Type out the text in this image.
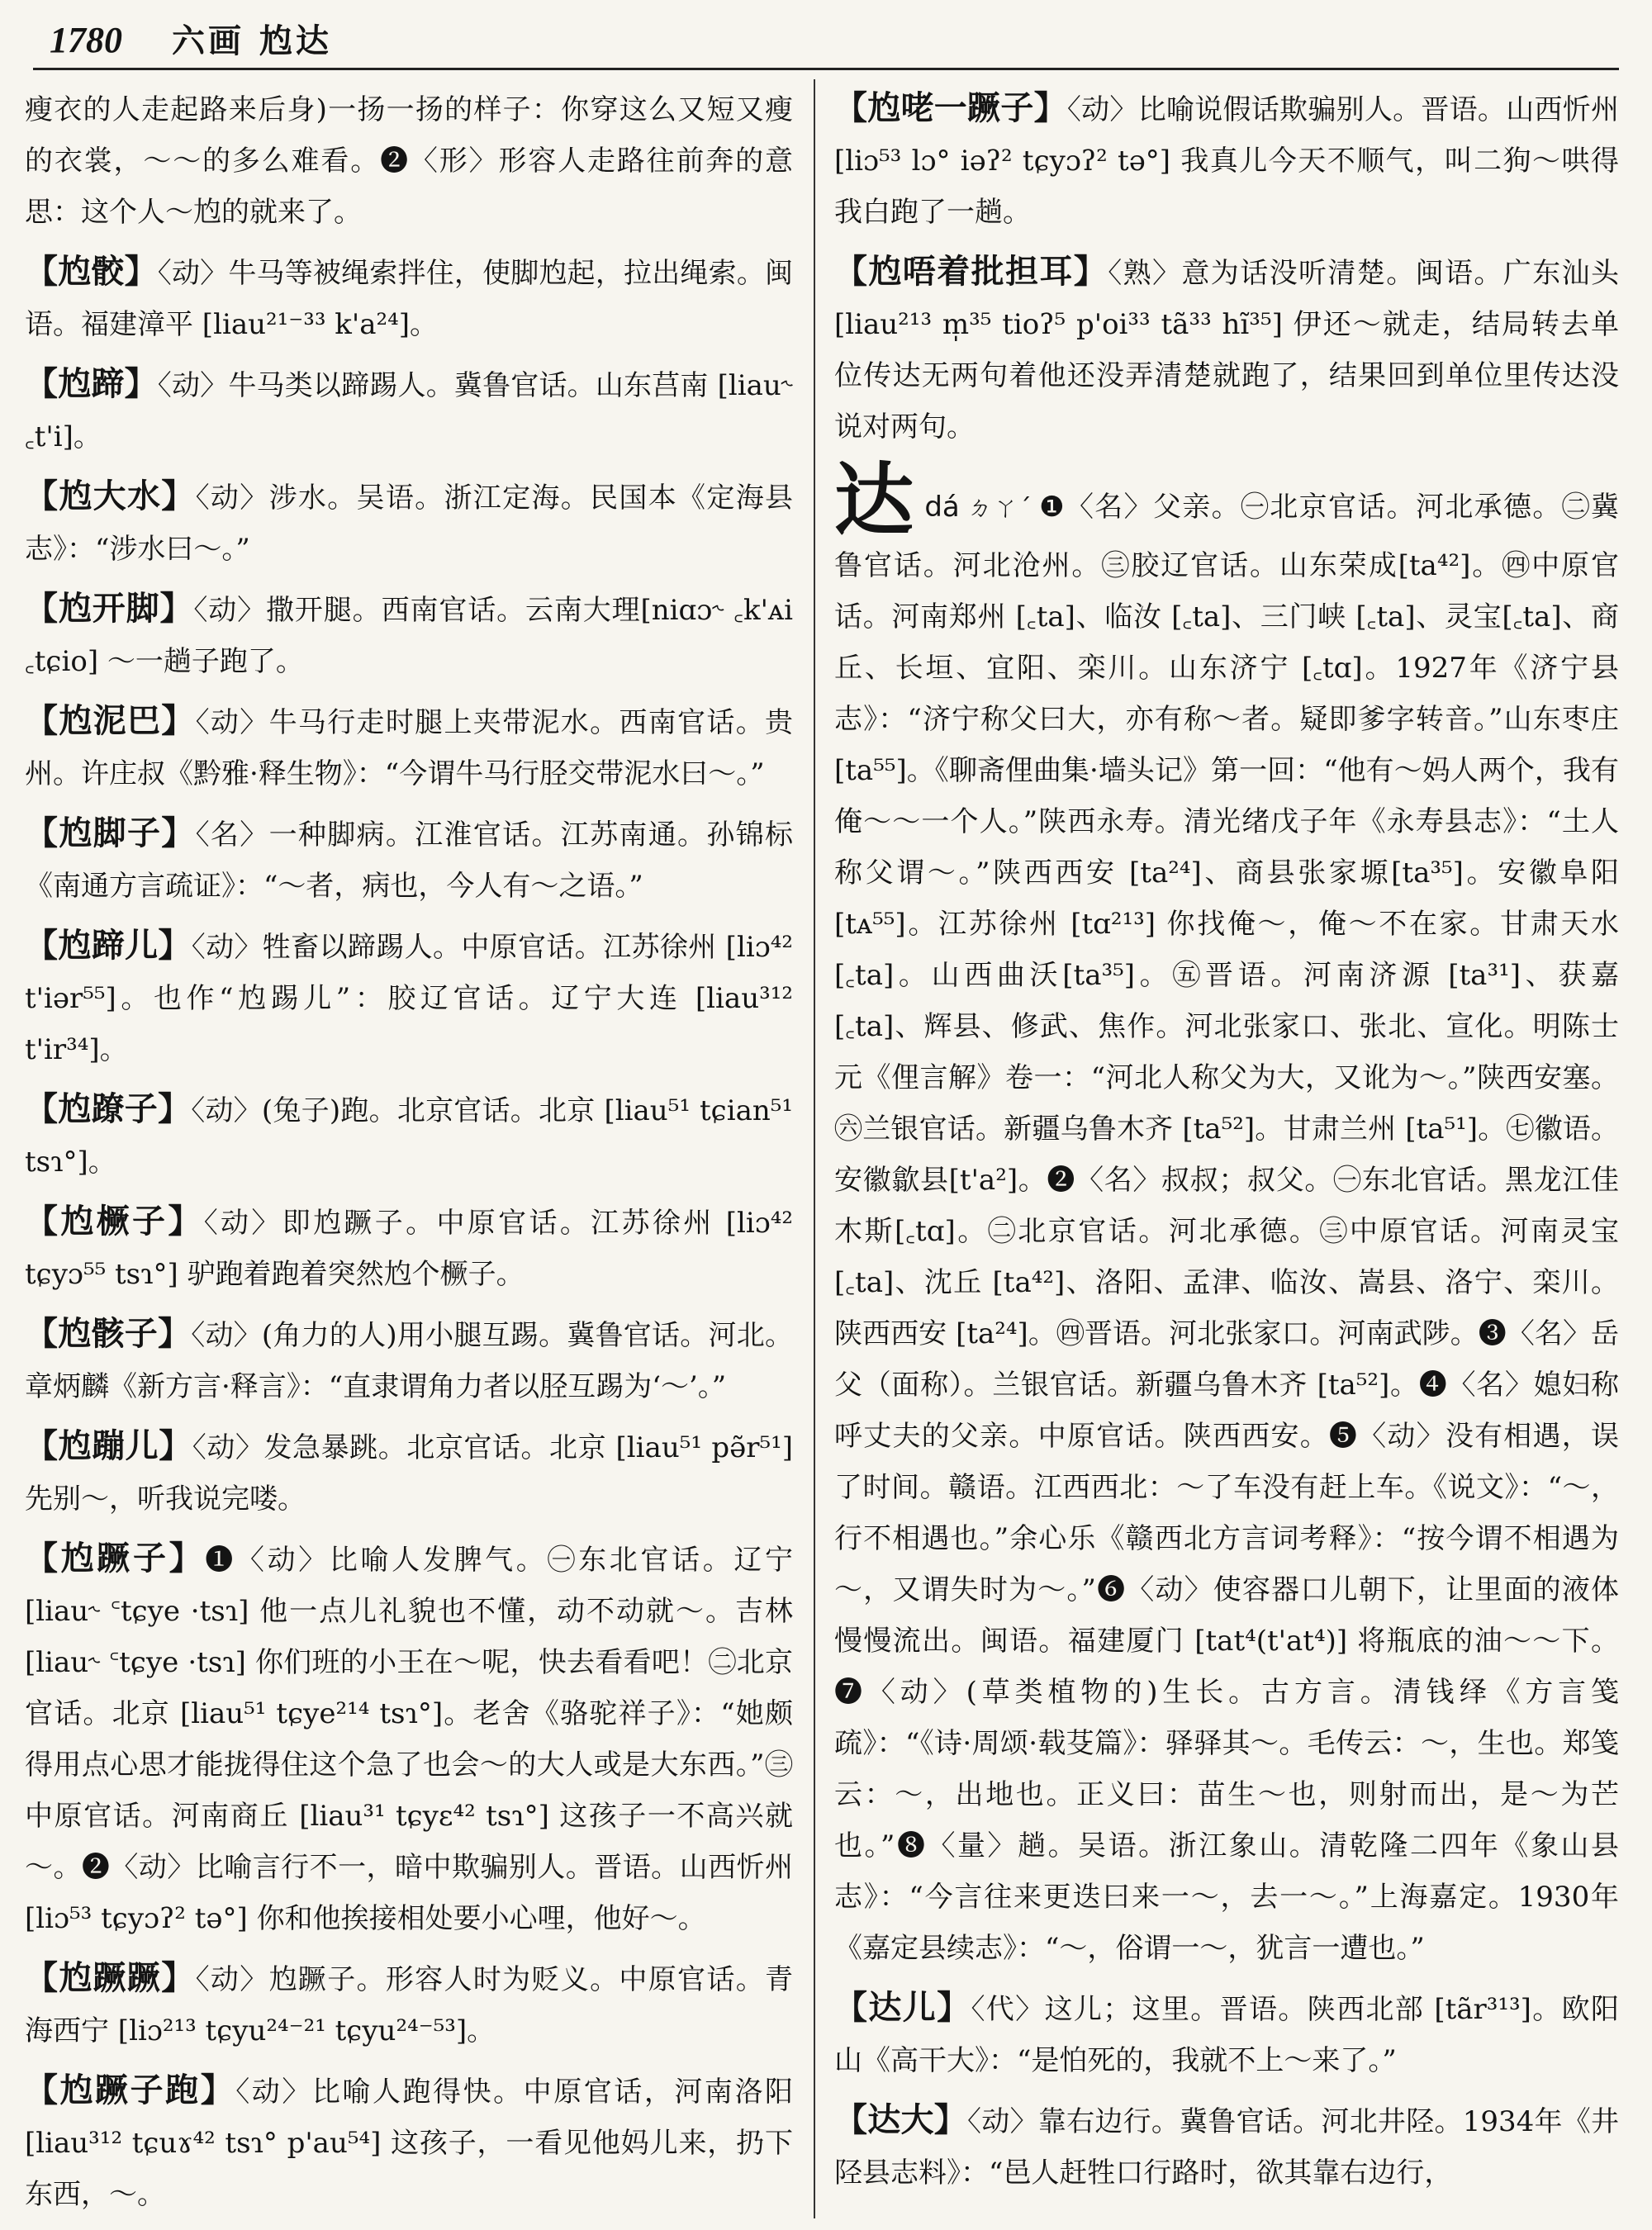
1780 六画 尥达

瘦衣的人走起路来后身)一扬一扬的样子：你穿这么又短又瘦的衣裳，～～的多么难看。❷〈形〉形容人走路往前奔的意思：这个人～尥的就来了。

【尥骹】〈动〉牛马等被绳索拌住，使脚尥起，拉出绳索。闽语。福建漳平 [liau²¹⁻³³ k'a²⁴]。

【尥蹄】〈动〉牛马类以蹄踢人。冀鲁官话。山东莒南 [liau˞ ꜀t'i]。

【尥大水】〈动〉涉水。吴语。浙江定海。民国本《定海县志》：“涉水曰～。”

【尥开脚】〈动〉撒开腿。西南官话。云南大理[niɑɔ˞ ꜀k'ᴀi ꜀tɕio] ～一趟子跑了。

【尥泥巴】〈动〉牛马行走时腿上夹带泥水。西南官话。贵州。许庄叔《黔雅·释生物》：“今谓牛马行胫交带泥水曰～。”

【尥脚子】〈名〉一种脚病。江淮官话。江苏南通。孙锦标《南通方言疏证》：“～者，病也，今人有～之语。”

【尥蹄儿】〈动〉牲畜以蹄踢人。中原官话。江苏徐州 [liɔ⁴² t'iər⁵⁵]。也作“尥踢儿”：胶辽官话。辽宁大连 [liau³¹² t'ir³⁴]。

【尥蹽子】〈动〉(兔子)跑。北京官话。北京 [liau⁵¹ tɕian⁵¹ tsɿ°]。

【尥橛子】〈动〉即尥蹶子。中原官话。江苏徐州 [liɔ⁴² tɕyɔ⁵⁵ tsɿ°] 驴跑着跑着突然尥个橛子。

【尥骸子】〈动〉(角力的人)用小腿互踢。冀鲁官话。河北。章炳麟《新方言·释言》：“直隶谓角力者以胫互踢为‘～’。”

【尥蹦儿】〈动〉发急暴跳。北京官话。北京 [liau⁵¹ pə̃r⁵¹] 先别～，听我说完喽。

【尥蹶子】❶〈动〉比喻人发脾气。㊀东北官话。辽宁 [liau˞ ꜂tɕye ·tsɿ] 他一点儿礼貌也不懂，动不动就～。吉林 [liau˞ ꜂tɕye ·tsɿ] 你们班的小王在～呢，快去看看吧！㊁北京官话。北京 [liau⁵¹ tɕye²¹⁴ tsɿ°]。老舍《骆驼祥子》：“她颇得用点心思才能拢得住这个急了也会～的大人或是大东西。”㊂中原官话。河南商丘 [liau³¹ tɕyɛ⁴² tsɿ°] 这孩子一不高兴就～。❷〈动〉比喻言行不一，暗中欺骗别人。晋语。山西忻州 [liɔ⁵³ tɕyɔʔ² tə°] 你和他挨接相处要小心哩，他好～。

【尥蹶蹶】〈动〉尥蹶子。形容人时为贬义。中原官话。青海西宁 [liɔ²¹³ tɕyu²⁴⁻²¹ tɕyu²⁴⁻⁵³]。

【尥蹶子跑】〈动〉比喻人跑得快。中原官话，河南洛阳 [liau³¹² tɕuɤ⁴² tsɿ° p'au⁵⁴] 这孩子，一看见他妈儿来，扔下东西，～。

【尥咾一蹶子】〈动〉比喻说假话欺骗别人。晋语。山西忻州 [liɔ⁵³ lɔ° iəʔ² tɕyɔʔ² tə°] 我真儿今天不顺气，叫二狗～哄得我白跑了一趟。

【尥唔着批担耳】〈熟〉意为话没听清楚。闽语。广东汕头 [liau²¹³ m̩³⁵ tioʔ⁵ p'oi³³ tã³³ hĩ³⁵] 伊还～就走，结局转去单位传达无两句着他还没弄清楚就跑了，结果回到单位里传达没说对两句。

达dá ㄉㄚˊ ❶〈名〉父亲。㊀北京官话。河北承德。㊁冀鲁官话。河北沧州。㊂胶辽官话。山东荣成[ta⁴²]。㊃中原官话。河南郑州 [꜀ta]、临汝 [꜀ta]、三门峡 [꜀ta]、灵宝[꜀ta]、商丘、长垣、宜阳、栾川。山东济宁 [꜀tɑ]。1927年《济宁县志》：“济宁称父曰大，亦有称～者。疑即爹字转音。”山东枣庄[ta⁵⁵]。《聊斋俚曲集·墙头记》第一回：“他有～妈人两个，我有俺～～一个人。”陕西永寿。清光绪戊子年《永寿县志》：“土人称父谓～。”陕西西安 [ta²⁴]、商县张家塬[ta³⁵]。安徽阜阳 [tᴀ⁵⁵]。江苏徐州 [tɑ²¹³] 你找俺～，俺～不在家。甘肃天水 [꜀ta]。山西曲沃[ta³⁵]。㊄晋语。河南济源 [ta³¹]、获嘉 [꜀ta]、辉县、修武、焦作。河北张家口、张北、宣化。明陈士元《俚言解》卷一：“河北人称父为大，又讹为～。”陕西安塞。㊅兰银官话。新疆乌鲁木齐 [ta⁵²]。甘肃兰州 [ta⁵¹]。㊆徽语。安徽歙县[t'a²]。❷〈名〉叔叔；叔父。㊀东北官话。黑龙江佳木斯[꜀tɑ]。㊁北京官话。河北承德。㊂中原官话。河南灵宝 [꜀ta]、沈丘 [ta⁴²]、洛阳、孟津、临汝、嵩县、洛宁、栾川。陕西西安 [ta²⁴]。㊃晋语。河北张家口。河南武陟。❸〈名〉岳父（面称）。兰银官话。新疆乌鲁木齐 [ta⁵²]。❹〈名〉媳妇称呼丈夫的父亲。中原官话。陕西西安。❺〈动〉没有相遇，误了时间。赣语。江西西北：～了车没有赶上车。《说文》：“～，行不相遇也。”余心乐《赣西北方言词考释》：“按今谓不相遇为～，又谓失时为～。”❻〈动〉使容器口儿朝下，让里面的液体慢慢流出。闽语。福建厦门 [tat⁴(t'at⁴)] 将瓶底的油～～下。❼〈动〉(草类植物的)生长。古方言。清钱绎《方言笺疏》：“《诗·周颂·载芟篇》：驿驿其～。毛传云：～，生也。郑笺云：～，出地也。正义曰：苗生～也，则射而出，是～为芒也。”❽〈量〉趟。吴语。浙江象山。清乾隆二四年《象山县志》：“今言往来更迭曰来一～，去一～。”上海嘉定。1930年《嘉定县续志》：“～，俗谓一～，犹言一遭也。”

【达儿】〈代〉这儿；这里。晋语。陕西北部 [tãr³¹³]。欧阳山《高干大》：“是怕死的，我就不上～来了。”

【达大】〈动〉靠右边行。冀鲁官话。河北井陉。1934年《井陉县志料》：“邑人赶牲口行路时，欲其靠右边行，
